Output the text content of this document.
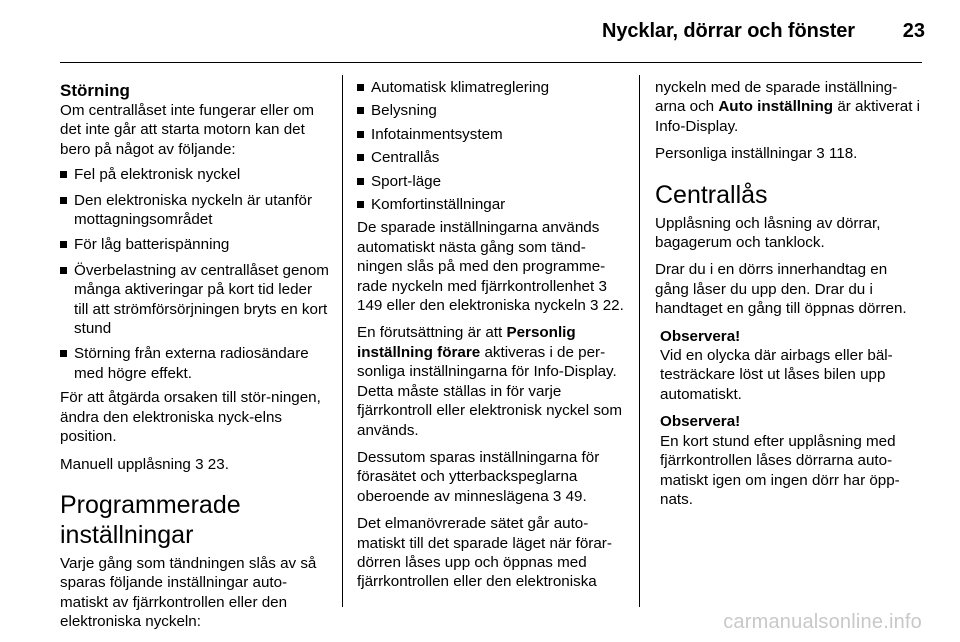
Nycklar, dörrar och fönster 23
Störning

Om centrallåset inte fungerar eller om det inte går att starta motorn kan det bero på något av följande:

Fel på elektronisk nyckel
Den elektroniska nyckeln är utanför mottagningsområdet
För låg batterispänning
Överbelastning av centrallåset genom många aktiveringar på kort tid leder till att strömförsörjningen bryts en kort stund
Störning från externa radiosändare med högre effekt.

För att åtgärda orsaken till stör-ningen, ändra den elektroniska nyck-elns position.

Manuell upplåsning 3 23.

Programmerade inställningar

Varje gång som tändningen slås av så sparas följande inställningar auto-matiskt av fjärrkontrollen eller den elektroniska nyckeln:

Automatisk klimatreglering
Belysning
Infotainmentsystem
Centrallås
Sport-läge
Komfortinställningar

De sparade inställningarna används automatiskt nästa gång som tänd-ningen slås på med den programme-rade nyckeln med fjärrkontrollenhet 3 149 eller den elektroniska nyckeln 3 22.

En förutsättning är att Personlig inställning förare aktiveras i de per-sonliga inställningarna för Info-Display. Detta måste ställas in för varje fjärrkontroll eller elektronisk nyckel som används.

Dessutom sparas inställningarna för förasätet och ytterbackspeglarna oberoende av minneslägena 3 49.

Det elmanövrerade sätet går auto-matiskt till det sparade läget när förar-dörren låses upp och öppnas med fjärrkontrollen eller den elektroniska

nyckeln med de sparade inställning-arna och Auto inställning är aktiverat i Info-Display.

Personliga inställningar 3 118.

Centrallås

Upplåsning och låsning av dörrar, bagagerum och tanklock.

Drar du i en dörrs innerhandtag en gång låser du upp den. Drar du i handtaget en gång till öppnas dörren.

Observera!

Vid en olycka där airbags eller bäl-testräckare löst ut låses bilen upp automatiskt.

Observera!

En kort stund efter upplåsning med fjärrkontrollen låses dörrarna auto-matiskt igen om ingen dörr har öpp-nats.

carmanualsonline.info
